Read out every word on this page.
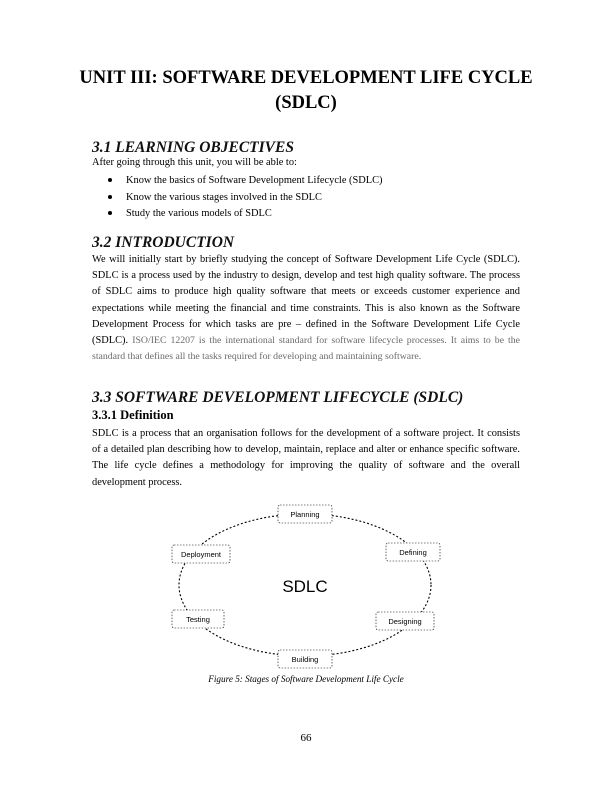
UNIT III: SOFTWARE DEVELOPMENT LIFE CYCLE
(SDLC)
3.1 LEARNING OBJECTIVES

After going through this unit, you will be able to:

Know the basics of Software Development Lifecycle (SDLC)
Know the various stages involved in the SDLC
Study the various models of SDLC
3.2 INTRODUCTION

We will initially start by briefly studying the concept of Software Development Life Cycle (SDLC). SDLC is a process used by the industry to design, develop and test high quality software. The process of SDLC aims to produce high quality software that meets or exceeds customer experience and expectations while meeting the financial and time constraints. This is also known as the Software Development Process for which tasks are pre – defined in the Software Development Life Cycle (SDLC). ISO/IEC 12207 is the international standard for software lifecycle processes. It aims to be the standard that defines all the tasks required for developing and maintaining software.

3.3 SOFTWARE DEVELOPMENT LIFECYCLE (SDLC)
3.3.1 Definition

SDLC is a process that an organisation follows for the development of a software project. It consists of a detailed plan describing how to develop, maintain, replace and alter or enhance specific software. The life cycle defines a methodology for improving the quality of software and the overall development process.

SDLC
Planning
Defining
Designing
Building
Testing
Deployment

Figure 5: Stages of Software Development Life Cycle

66
